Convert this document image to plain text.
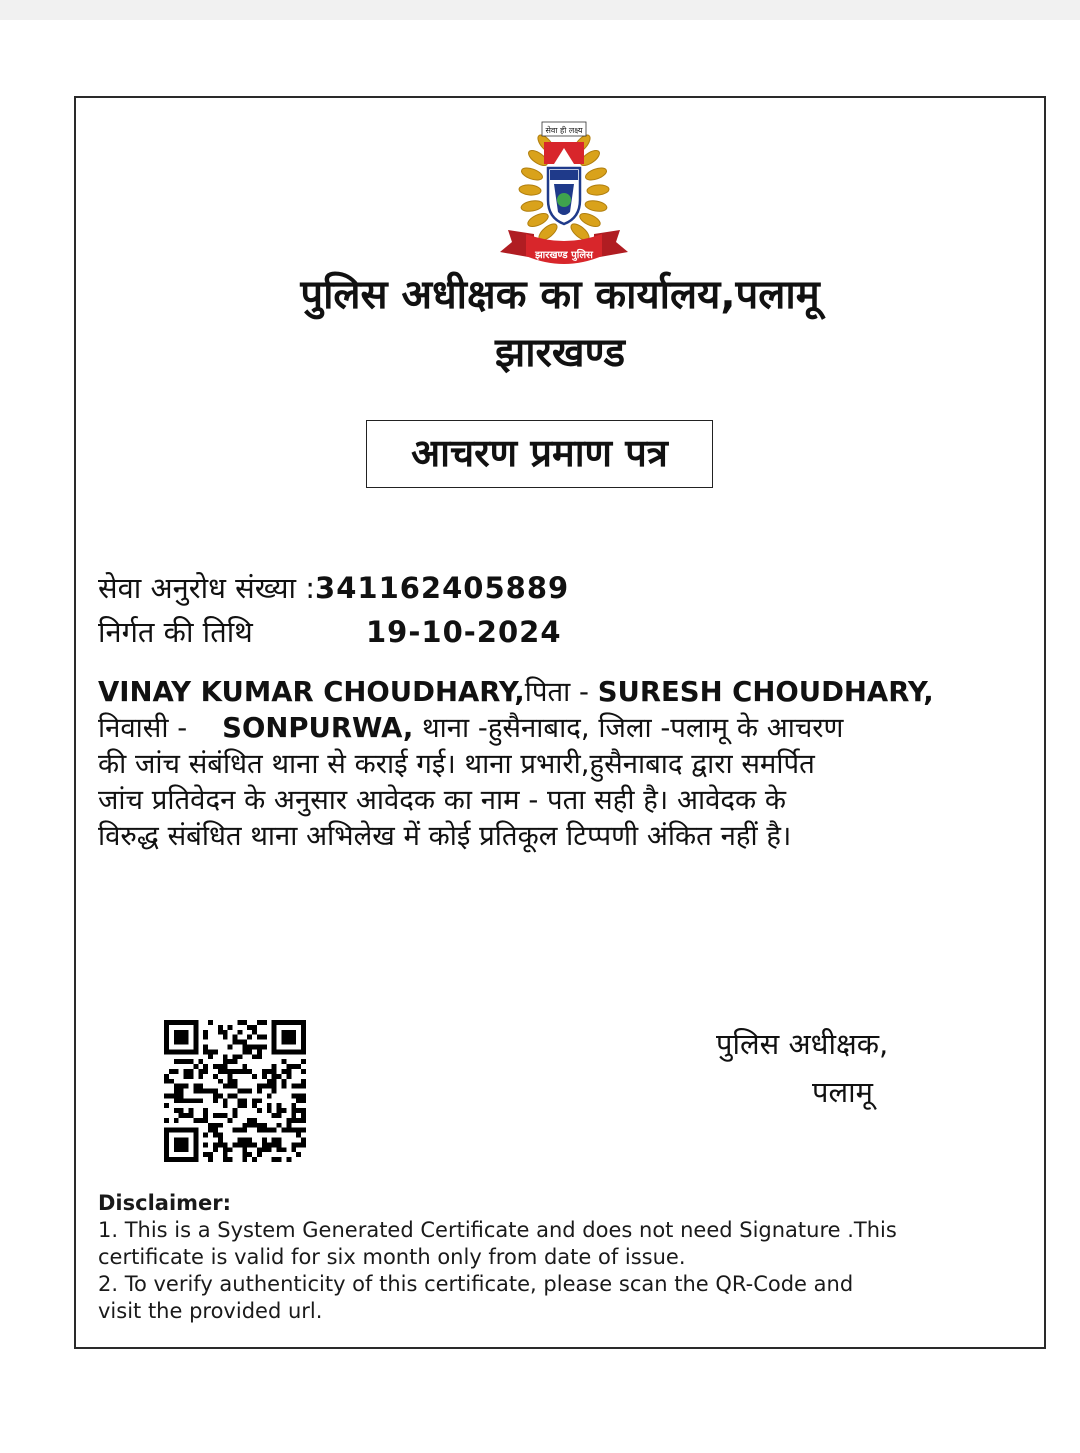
सेवा ही लक्ष्य
झारखण्ड पुलिस
पुलिस अधीक्षक का कार्यालय,पलामू
झारखण्ड
आचरण प्रमाण पत्र
सेवा अनुरोध संख्या :341162405889
निर्गत की तिथि	19-10-2024
VINAY KUMAR CHOUDHARY,पिता - SURESH CHOUDHARY,
निवासी -    SONPURWA, थाना -हुसैनाबाद, जिला -पलामू के आचरण
की जांच संबंधित थाना से कराई गई। थाना प्रभारी,हुसैनाबाद द्वारा समर्पित
जांच प्रतिवेदन के अनुसार आवेदक का नाम - पता सही है। आवेदक के
विरुद्ध संबंधित थाना अभिलेख में कोई प्रतिकूल टिप्पणी अंकित नहीं है।
पुलिस अधीक्षक,
पलामू
Disclaimer:
1. This is a System Generated Certificate and does not need Signature .This
certificate is valid for six month only from date of issue.
2. To verify authenticity of this certificate, please scan the QR-Code and
visit the provided url.
